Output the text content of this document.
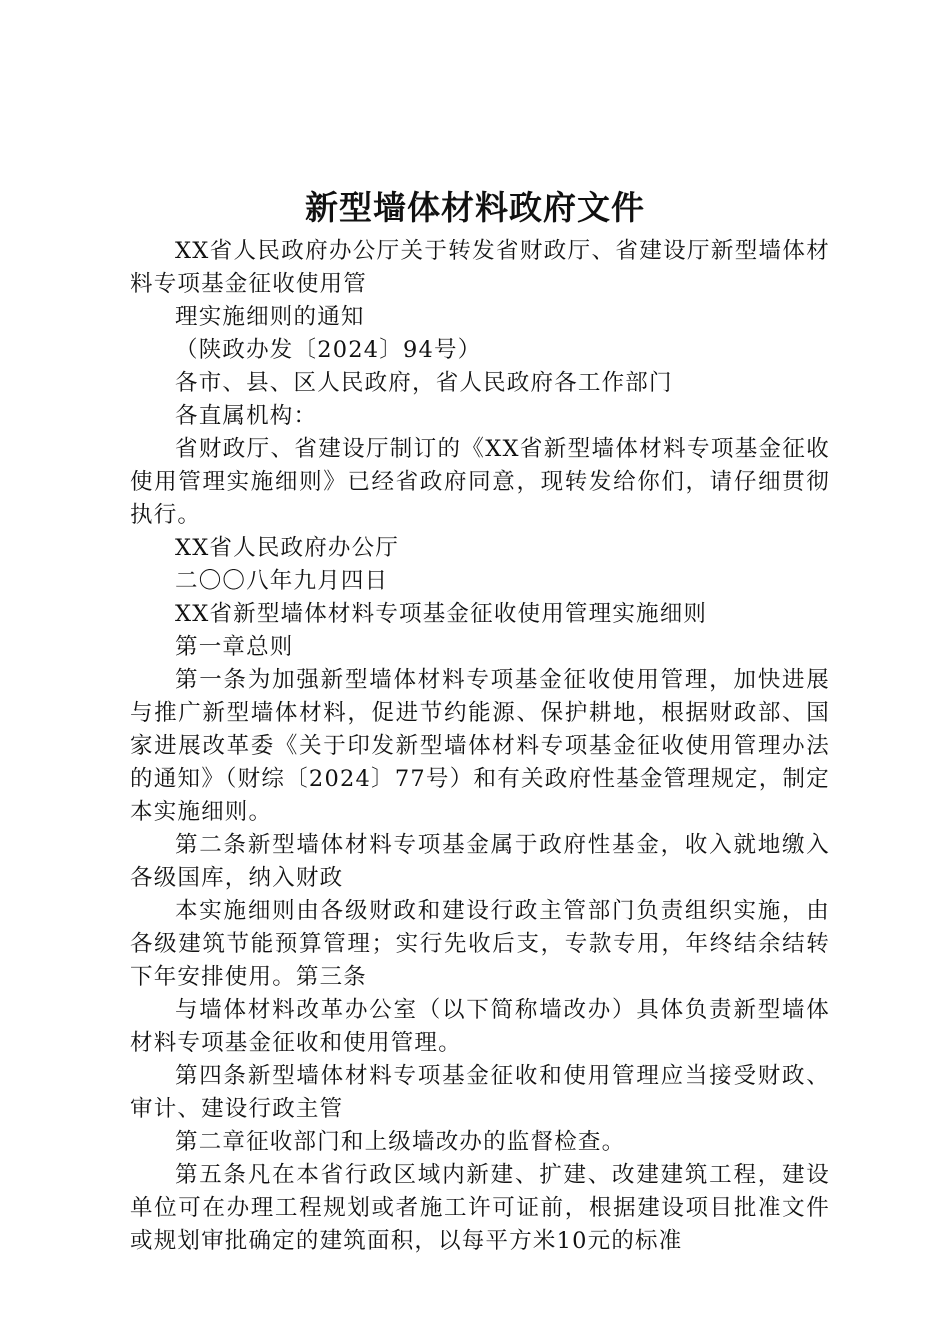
新型墙体材料政府文件

XX省人民政府办公厅关于转发省财政厅、省建设厅新型墙体材料专项基金征收使用管

理实施细则的通知

（陕政办发〔2024〕94号）

各市、县、区人民政府，省人民政府各工作部门

各直属机构：

省财政厅、省建设厅制订的《XX省新型墙体材料专项基金征收使用管理实施细则》已经省政府同意，现转发给你们，请仔细贯彻执行。

XX省人民政府办公厅

二〇〇八年九月四日

XX省新型墙体材料专项基金征收使用管理实施细则

第一章总则

第一条为加强新型墙体材料专项基金征收使用管理，加快进展与推广新型墙体材料，促进节约能源、保护耕地，根据财政部、国家进展改革委《关于印发新型墙体材料专项基金征收使用管理办法的通知》（财综〔2024〕77号）和有关政府性基金管理规定，制定本实施细则。

第二条新型墙体材料专项基金属于政府性基金，收入就地缴入各级国库，纳入财政

本实施细则由各级财政和建设行政主管部门负责组织实施，由各级建筑节能预算管理；实行先收后支，专款专用，年终结余结转下年安排使用。第三条

与墙体材料改革办公室（以下简称墙改办）具体负责新型墙体材料专项基金征收和使用管理。

第四条新型墙体材料专项基金征收和使用管理应当接受财政、审计、建设行政主管

第二章征收部门和上级墙改办的监督检查。

第五条凡在本省行政区域内新建、扩建、改建建筑工程，建设单位可在办理工程规划或者施工许可证前，根据建设项目批准文件或规划审批确定的建筑面积，以每平方米10元的标准
